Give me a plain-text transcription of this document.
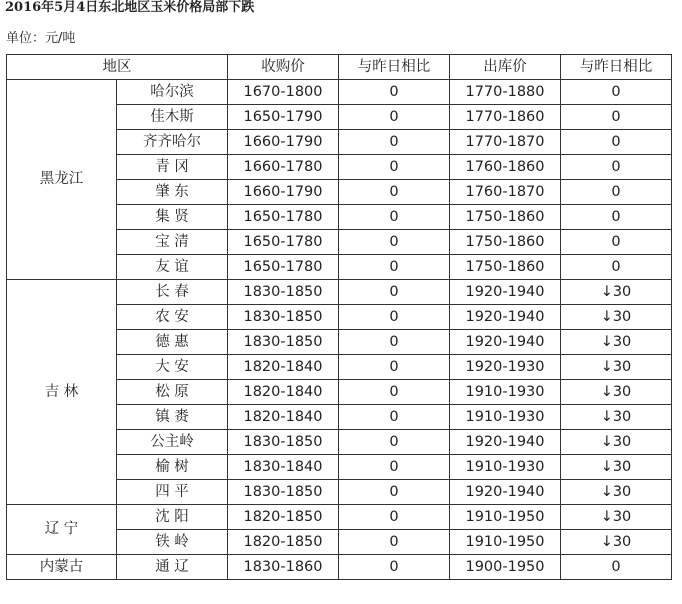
2016年5月4日东北地区玉米价格局部下跌
单位：元/吨
地区		收购价	与昨日相比	出库价	与昨日相比
黑龙江	哈尔滨	1670-1800	0	1770-1880	0
	佳木斯	1650-1790	0	1770-1860	0
	齐齐哈尔	1660-1790	0	1770-1870	0
	青 冈	1660-1780	0	1760-1860	0
	肇 东	1660-1790	0	1760-1870	0
	集 贤	1650-1780	0	1750-1860	0
	宝 清	1650-1780	0	1750-1860	0
	友 谊	1650-1780	0	1750-1860	0
吉 林	长 春	1830-1850	0	1920-1940	↓30
	农 安	1830-1850	0	1920-1940	↓30
	德 惠	1830-1850	0	1920-1940	↓30
	大 安	1820-1840	0	1920-1930	↓30
	松 原	1820-1840	0	1910-1930	↓30
	镇 赉	1820-1840	0	1910-1930	↓30
	公主岭	1830-1850	0	1920-1940	↓30
	榆 树	1830-1840	0	1910-1930	↓30
	四 平	1830-1850	0	1920-1940	↓30
辽 宁	沈 阳	1820-1850	0	1910-1950	↓30
	铁 岭	1820-1850	0	1910-1950	↓30
内蒙古	通 辽	1830-1860	0	1900-1950	0
